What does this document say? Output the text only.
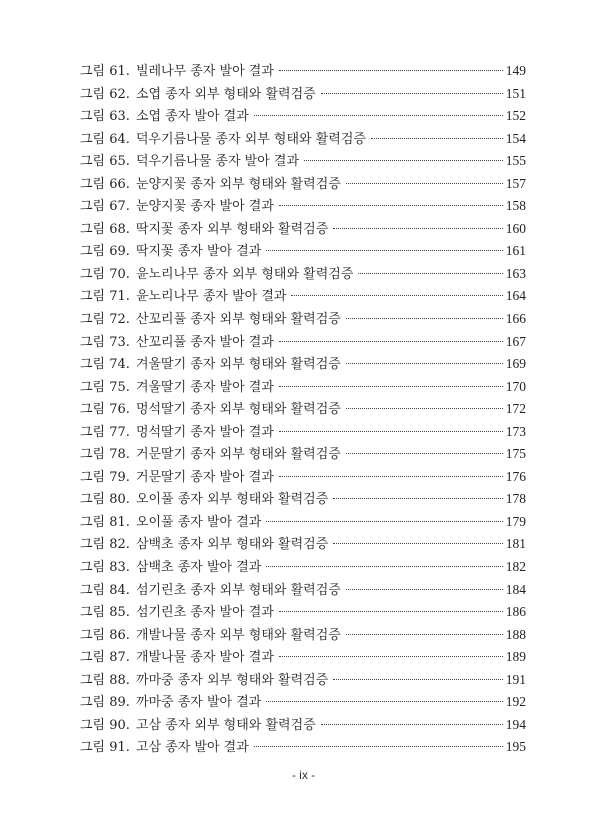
그림 61. 빌레나무 종자 발아 결과	149
그림 62. 소엽 종자 외부 형태와 활력검증	151
그림 63. 소엽 종자 발아 결과	152
그림 64. 덕우기름나물 종자 외부 형태와 활력검증	154
그림 65. 덕우기름나물 종자 발아 결과	155
그림 66. 눈양지꽃 종자 외부 형태와 활력검증	157
그림 67. 눈양지꽃 종자 발아 결과	158
그림 68. 딱지꽃 종자 외부 형태와 활력검증	160
그림 69. 딱지꽃 종자 발아 결과	161
그림 70. 윤노리나무 종자 외부 형태와 활력검증	163
그림 71. 윤노리나무 종자 발아 결과	164
그림 72. 산꼬리풀 종자 외부 형태와 활력검증	166
그림 73. 산꼬리풀 종자 발아 결과	167
그림 74. 겨울딸기 종자 외부 형태와 활력검증	169
그림 75. 겨울딸기 종자 발아 결과	170
그림 76. 멍석딸기 종자 외부 형태와 활력검증	172
그림 77. 멍석딸기 종자 발아 결과	173
그림 78. 거문딸기 종자 외부 형태와 활력검증	175
그림 79. 거문딸기 종자 발아 결과	176
그림 80. 오이풀 종자 외부 형태와 활력검증	178
그림 81. 오이풀 종자 발아 결과	179
그림 82. 삼백초 종자 외부 형태와 활력검증	181
그림 83. 삼백초 종자 발아 결과	182
그림 84. 섬기린초 종자 외부 형태와 활력검증	184
그림 85. 섬기린초 종자 발아 결과	186
그림 86. 개발나물 종자 외부 형태와 활력검증	188
그림 87. 개발나물 종자 발아 결과	189
그림 88. 까마중 종자 외부 형태와 활력검증	191
그림 89. 까마중 종자 발아 결과	192
그림 90. 고삼 종자 외부 형태와 활력검증	194
그림 91. 고삼 종자 발아 결과	195
- ix -
